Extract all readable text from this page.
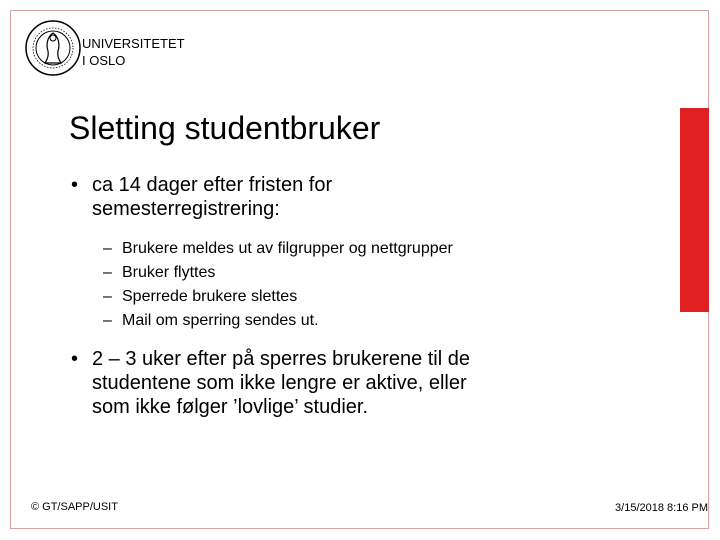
UNIVERSITETET
I OSLO
Sletting studentbruker
• ca 14 dager efter fristen for
semesterregistrering:
– Brukere meldes ut av filgrupper og nettgrupper
– Bruker flyttes
– Sperrede brukere slettes
– Mail om sperring sendes ut.
• 2 – 3 uker efter på sperres brukerene til de
studentene som ikke lengre er aktive, eller
som ikke følger ’lovlige’ studier.
© GT/SAPP/USIT	3/15/2018 8:16 PM
